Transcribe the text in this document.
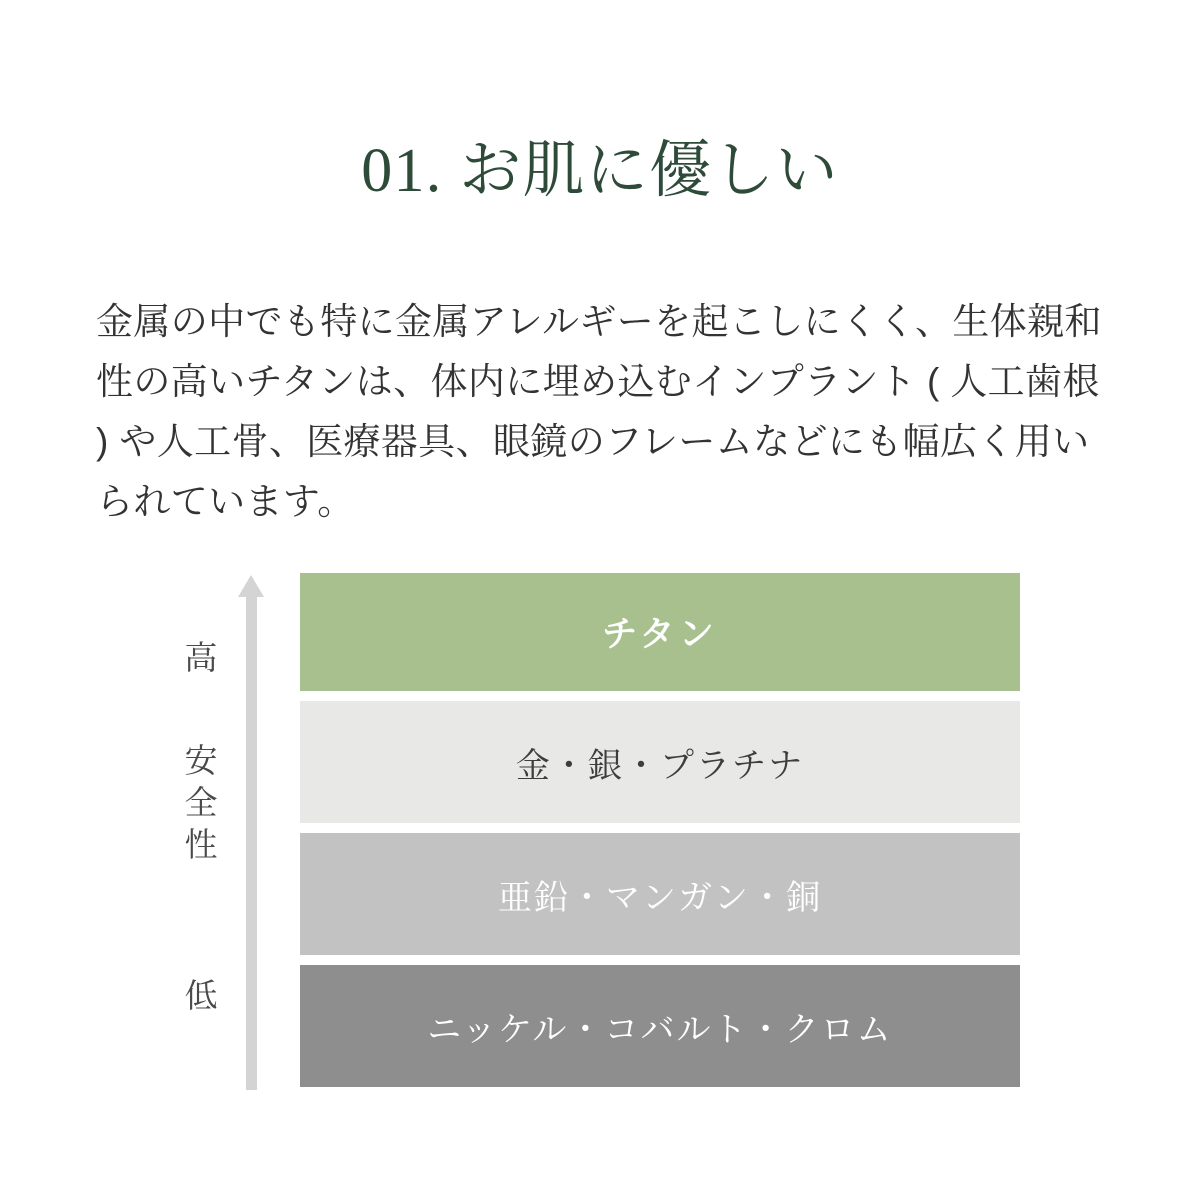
01. お肌に優しい

金属の中でも特に金属アレルギーを起こしにくく、生体親和性の高いチタンは、体内に埋め込むインプラント ( 人工歯根 ) や人工骨、医療器具、眼鏡のフレームなどにも幅広く用いられています。

高
安
全
性
低
チタン
金・銀・プラチナ
亜鉛・マンガン・銅
ニッケル・コバルト・クロム
